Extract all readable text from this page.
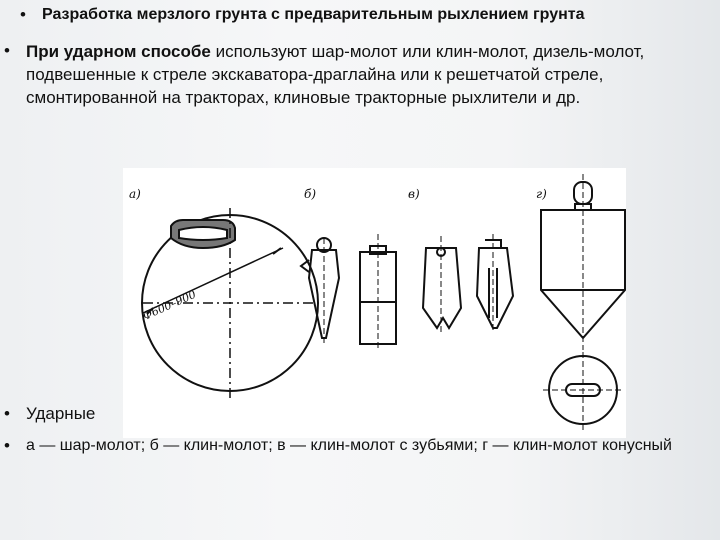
•	Разработка мерзлого грунта с предварительным рыхлением грунта
• При ударном способе используют шар-молот или клин-молот, дизель-молот, подвешенные к стреле экскаватора-драглайна или к решетчатой стреле, смонтированной на тракторах, клиновые тракторные рыхлители и др.
а)	б)	в)	г)
Ф600–900
• Ударные
•	а — шар-молот; б — клин-молот; в — клин-молот с зубьями; г — клин-молот конусный
